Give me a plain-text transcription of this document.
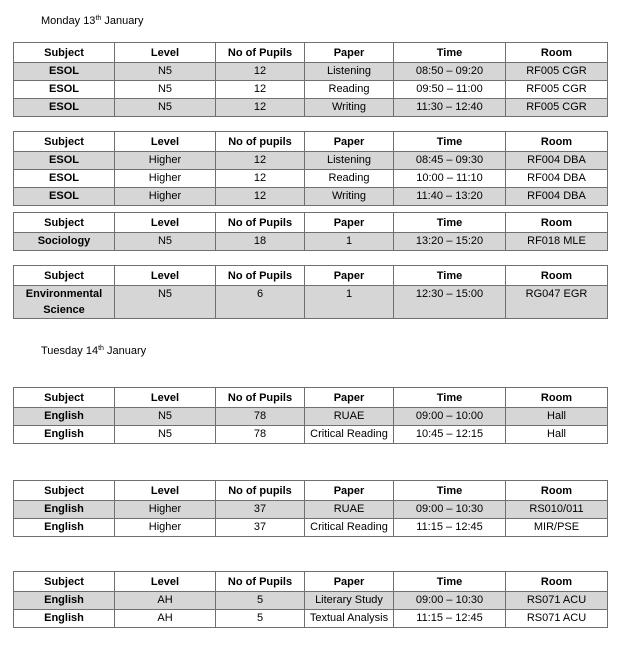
Monday 13th January
Tuesday 14th January
Subject	Level	No of Pupils	Paper	Time	Room
ESOL	N5	12	Listening	08:50 – 09:20	RF005 CGR
ESOL	N5	12	Reading	09:50 – 11:00	RF005 CGR
ESOL	N5	12	Writing	11:30 – 12:40	RF005 CGR
Subject	Level	No of pupils	Paper	Time	Room
ESOL	Higher	12	Listening	08:45 – 09:30	RF004 DBA
ESOL	Higher	12	Reading	10:00 – 11:10	RF004 DBA
ESOL	Higher	12	Writing	11:40 – 13:20	RF004 DBA
Subject	Level	No of Pupils	Paper	Time	Room
Sociology	N5	18	1	13:20 – 15:20	RF018 MLE
Subject	Level	No of Pupils	Paper	Time	Room
Environmental Science	N5	6	1	12:30 – 15:00	RG047 EGR
Subject	Level	No of Pupils	Paper	Time	Room
English	N5	78	RUAE	09:00 – 10:00	Hall
English	N5	78	Critical Reading	10:45 – 12:15	Hall
Subject	Level	No of pupils	Paper	Time	Room
English	Higher	37	RUAE	09:00 – 10:30	RS010/011
English	Higher	37	Critical Reading	11:15 – 12:45	MIR/PSE
Subject	Level	No of Pupils	Paper	Time	Room
English	AH	5	Literary Study	09:00 – 10:30	RS071 ACU
English	AH	5	Textual Analysis	11:15 – 12:45	RS071 ACU
